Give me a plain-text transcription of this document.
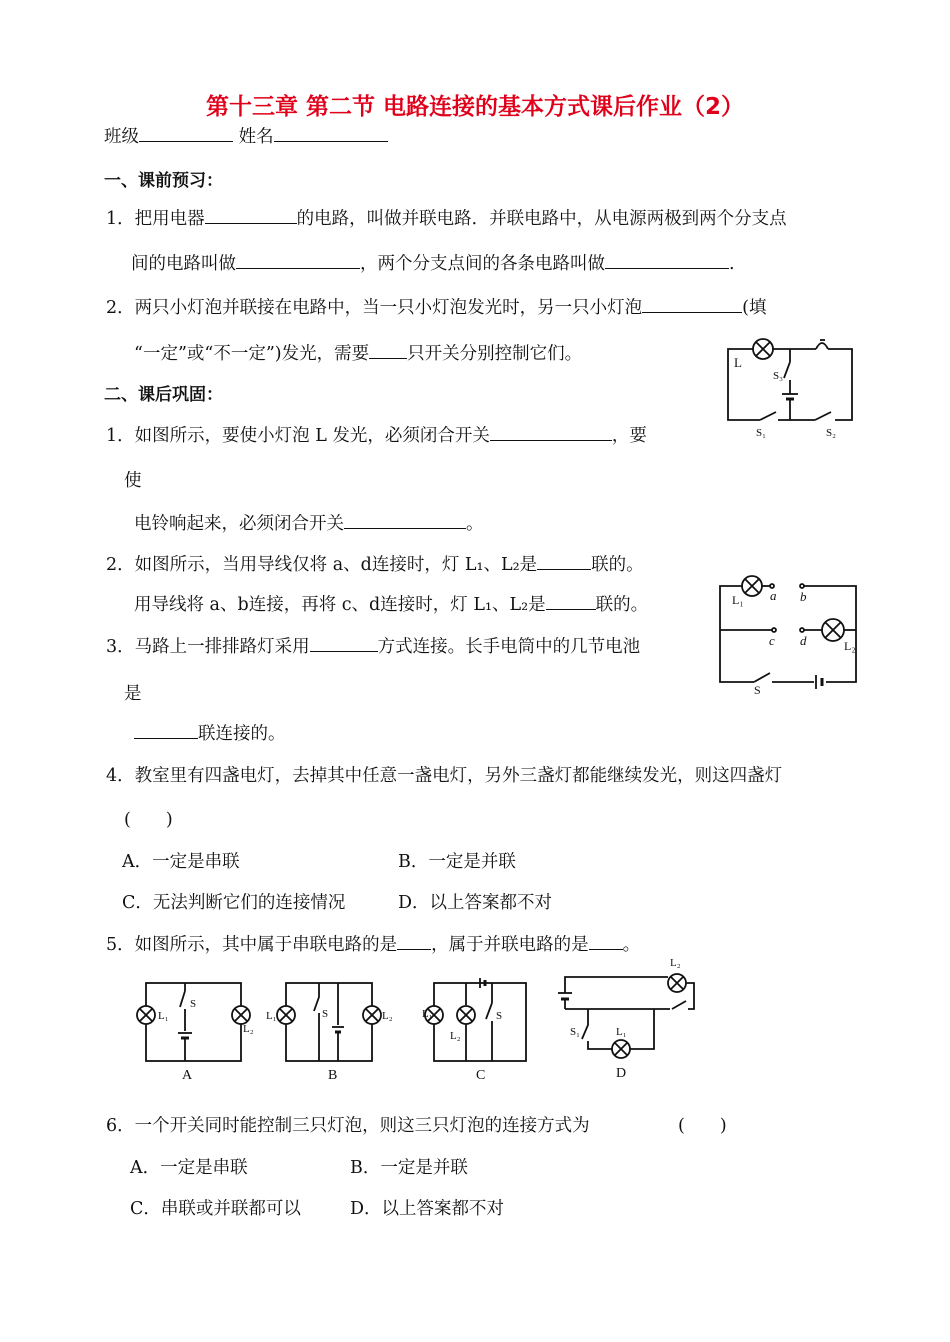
第十三章 第二节 电路连接的基本方式课后作业（2）
班级	姓名
一、课前预习：
1．把用电器	的电路，叫做并联电路．并联电路中，从电源两极到两个分支点
间的电路叫做	，两个分支点间的各条电路叫做	.
2．两只小灯泡并联接在电路中，当一只小灯泡发光时，另一只小灯泡	(填
“一定”或“不一定”)发光，需要 只开关分别控制它们。
二、课后巩固：
1．如图所示，要使小灯泡 L 发光，必须闭合开关	，要
使
电铃响起来，必须闭合开关	。
2．如图所示，当用导线仅将 a、d连接时，灯 L₁、L₂是	联的。
用导线将 a、b连接，再将 c、d连接时，灯 L₁、L₂是	联的。
3．马路上一排排路灯采用	方式连接。长手电筒中的几节电池
是
联连接的。
4．教室里有四盏电灯，去掉其中任意一盏电灯，另外三盏灯都能继续发光，则这四盏灯
(　　)
A．一定是串联	B．一定是并联
C．无法判断它们的连接情况	D．以上答案都不对
5．如图所示，其中属于串联电路的是 ，属于并联电路的是 。
6．一个开关同时能控制三只灯泡，则这三只灯泡的连接方式为	(　　)
A．一定是串联	B．一定是并联
C．串联或并联都可以	D．以上答案都不对
L
S₃
S₁	S₂
L₁ a b
c d	L₂
S
L₁
S
L₂
A
L₁	S	L₂
B
L₁
L₂
S
C
L₂
S₁	L₁
D
